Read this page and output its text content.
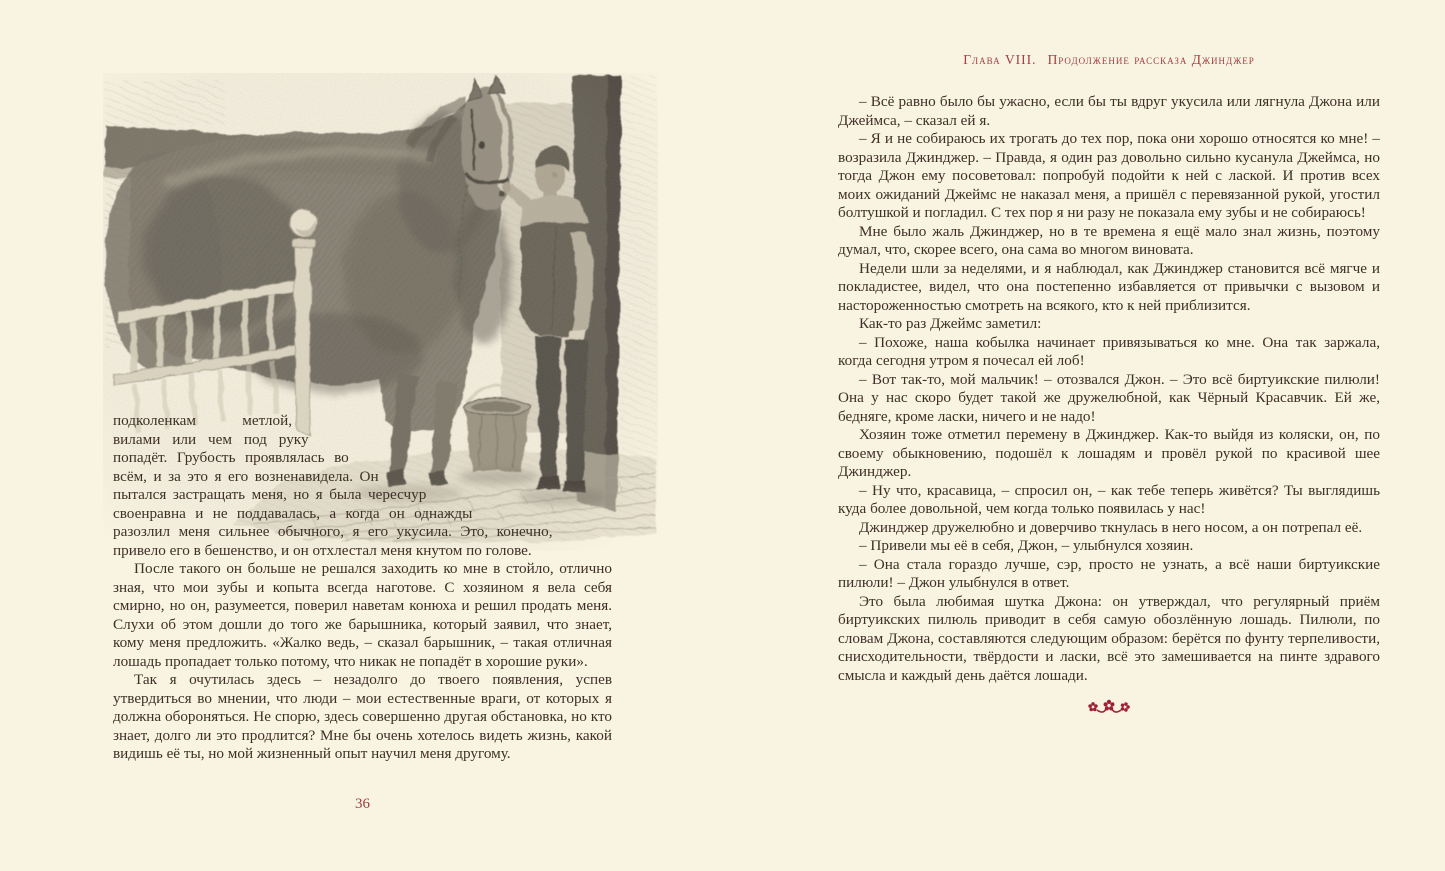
подколенкам метлой, вилами или чем под руку попадёт. Грубость проявлялась во всём, и за это я его возненавидела. Он пытался застращать меня, но я была чересчур своенравна и не поддавалась, а когда он однажды разозлил меня сильнее обычного, я его укусила. Это, конечно, привело его в бешенство, и он отхлестал меня кнутом по голове.

После такого он больше не решался заходить ко мне в стойло, отлично зная, что мои зубы и копыта всегда наготове. С хозяином я вела себя смирно, но он, разумеется, поверил наветам конюха и решил продать меня. Слухи об этом дошли до того же барышника, который заявил, что знает, кому меня предложить. «Жалко ведь, – сказал барышник, – такая отличная лошадь пропадает только потому, что никак не попадёт в хорошие руки».

Так я очутилась здесь – незадолго до твоего появления, успев утвердиться во мнении, что люди – мои естественные враги, от которых я должна обороняться. Не спорю, здесь совершенно другая обстановка, но кто знает, долго ли это продлится? Мне бы очень хотелось видеть жизнь, какой видишь её ты, но мой жизненный опыт научил меня другому.

36
Глава VIII. Продолжение рассказа Джинджер

– Всё равно было бы ужасно, если бы ты вдруг укусила или лягнула Джона или Джеймса, – сказал ей я.

– Я и не собираюсь их трогать до тех пор, пока они хорошо относятся ко мне! – возразила Джинджер. – Правда, я один раз довольно сильно кусанула Джеймса, но тогда Джон ему посоветовал: попробуй подойти к ней с лаской. И против всех моих ожиданий Джеймс не наказал меня, а пришёл с перевязанной рукой, угостил болтушкой и погладил. С тех пор я ни разу не показала ему зубы и не собираюсь!

Мне было жаль Джинджер, но в те времена я ещё мало знал жизнь, поэтому думал, что, скорее всего, она сама во многом виновата.

Недели шли за неделями, и я наблюдал, как Джинджер становится всё мягче и покладистее, видел, что она постепенно избавляется от привычки с вызовом и настороженностью смотреть на всякого, кто к ней приблизится.

Как-то раз Джеймс заметил:

– Похоже, наша кобылка начинает привязываться ко мне. Она так заржала, когда сегодня утром я почесал ей лоб!

– Вот так-то, мой мальчик! – отозвался Джон. – Это всё биртуикские пилюли! Она у нас скоро будет такой же дружелюбной, как Чёрный Красавчик. Ей же, бедняге, кроме ласки, ничего и не надо!

Хозяин тоже отметил перемену в Джинджер. Как-то выйдя из коляски, он, по своему обыкновению, подошёл к лошадям и провёл рукой по красивой шее Джинджер.

– Ну что, красавица, – спросил он, – как тебе теперь живётся? Ты выглядишь куда более довольной, чем когда только появилась у нас!

Джинджер дружелюбно и доверчиво ткнулась в него носом, а он потрепал её.

– Привели мы её в себя, Джон, – улыбнулся хозяин.

– Она стала гораздо лучше, сэр, просто не узнать, а всё наши биртуикские пилюли! – Джон улыбнулся в ответ.

Это была любимая шутка Джона: он утверждал, что регулярный приём биртуикских пилюль приводит в себя самую обозлённую лошадь. Пилюли, по словам Джона, составляются следующим образом: берётся по фунту терпеливости, снисходительности, твёрдости и ласки, всё это замешивается на пинте здравого смысла и каждый день даётся лошади.
